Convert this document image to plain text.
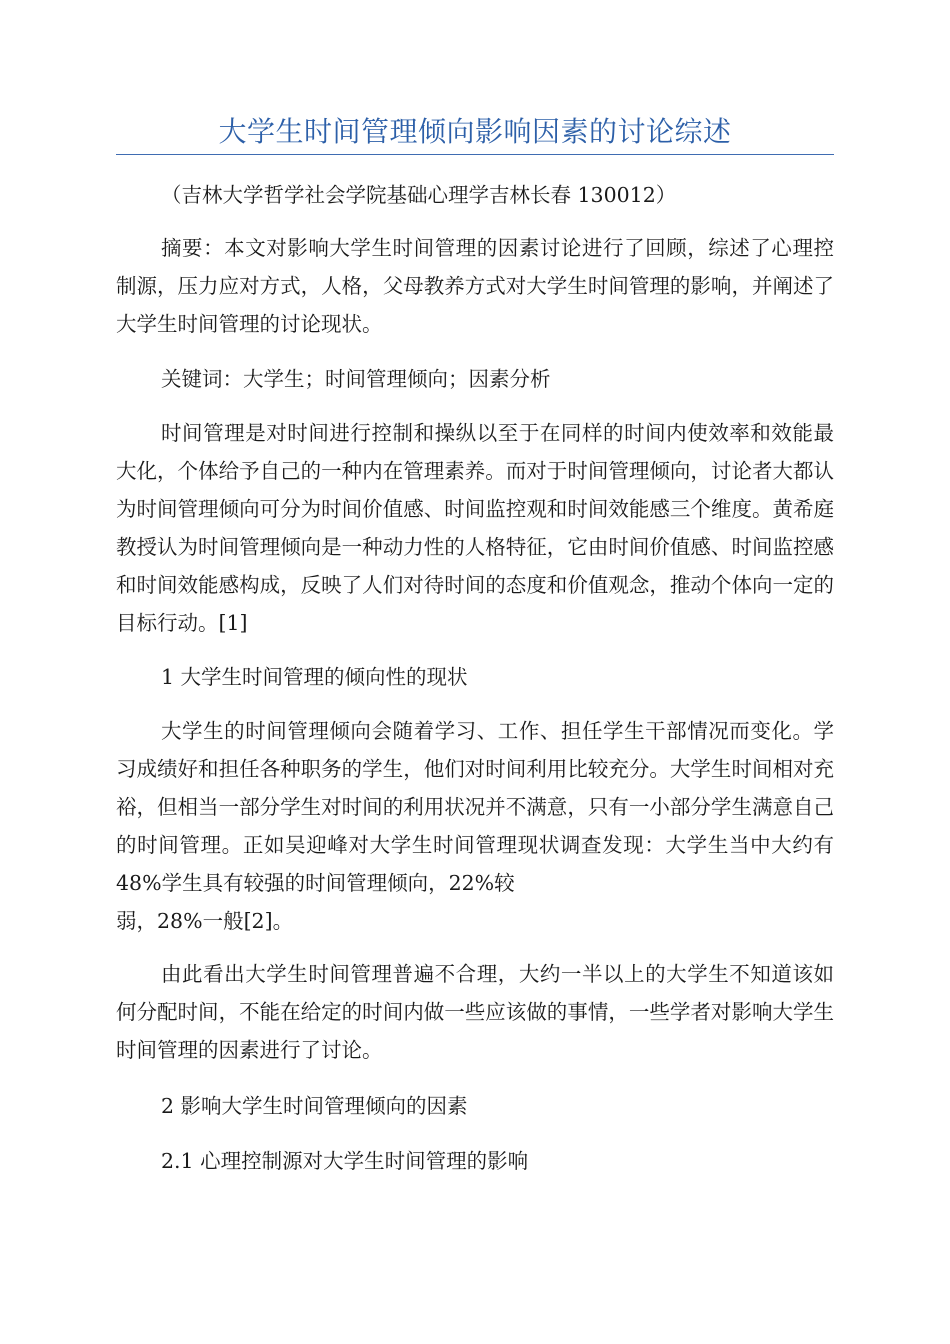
大学生时间管理倾向影响因素的讨论综述
（吉林大学哲学社会学院基础心理学吉林长春 130012）
摘要：本文对影响大学生时间管理的因素讨论进行了回顾，综述了心理控制源，压力应对方式，人格，父母教养方式对大学生时间管理的影响，并阐述了大学生时间管理的讨论现状。
关键词：大学生；时间管理倾向；因素分析
时间管理是对时间进行控制和操纵以至于在同样的时间内使效率和效能最大化，个体给予自己的一种内在管理素养。而对于时间管理倾向，讨论者大都认为时间管理倾向可分为时间价值感、时间监控观和时间效能感三个维度。黄希庭教授认为时间管理倾向是一种动力性的人格特征，它由时间价值感、时间监控感和时间效能感构成，反映了人们对待时间的态度和价值观念，推动个体向一定的目标行动。[1]
1 大学生时间管理的倾向性的现状
大学生的时间管理倾向会随着学习、工作、担任学生干部情况而变化。学习成绩好和担任各种职务的学生，他们对时间利用比较充分。大学生时间相对充裕，但相当一部分学生对时间的利用状况并不满意，只有一小部分学生满意自己的时间管理。正如吴迎峰对大学生时间管理现状调查发现：大学生当中大约有 48%学生具有较强的时间管理倾向，22%较
弱，28%一般[2]。
由此看出大学生时间管理普遍不合理，大约一半以上的大学生不知道该如何分配时间，不能在给定的时间内做一些应该做的事情，一些学者对影响大学生时间管理的因素进行了讨论。
2 影响大学生时间管理倾向的因素
2.1 心理控制源对大学生时间管理的影响
